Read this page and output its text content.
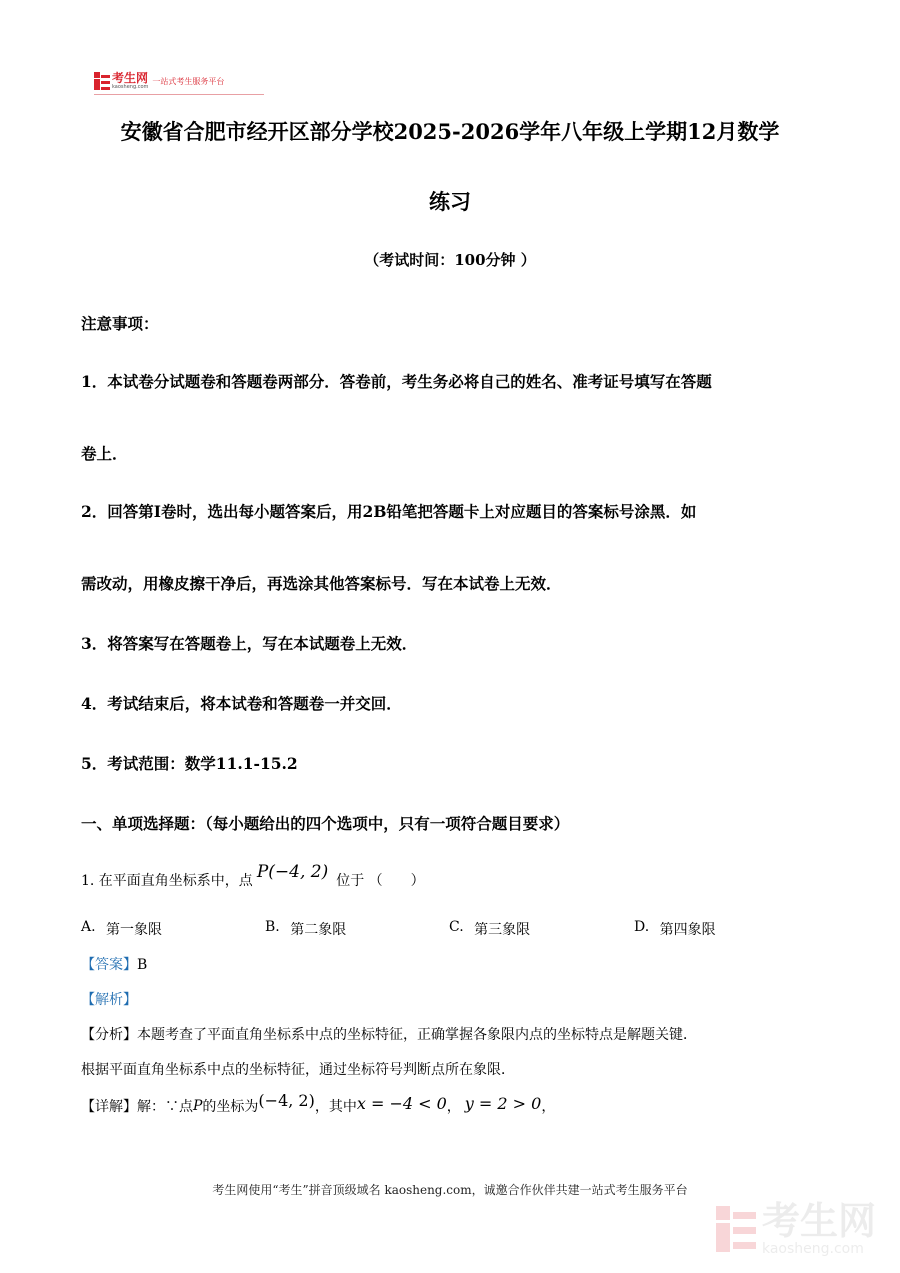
考生网
kaosheng.com
一站式考生服务平台
安徽省合肥市经开区部分学校2025-2026学年八年级上学期12月数学
练习
（考试时间：100分钟 ）
注意事项：
1．本试卷分试题卷和答题卷两部分．答卷前，考生务必将自己的姓名、准考证号填写在答题
卷上．
2．回答第Ⅰ卷时，选出每小题答案后，用2B铅笔把答题卡上对应题目的答案标号涂黑．如
需改动，用橡皮擦干净后，再选涂其他答案标号．写在本试卷上无效．
3．将答案写在答题卷上，写在本试题卷上无效．
4．考试结束后，将本试卷和答题卷一并交回．
5．考试范围：数学11.1-15.2
一、单项选择题：（每小题给出的四个选项中，只有一项符合题目要求）
1. 在平面直角坐标系中，点 P(−4, 2) 位于 （　　）
A. 第一象限	B. 第二象限	C. 第三象限	D. 第四象限
【答案】B
【解析】
【分析】本题考查了平面直角坐标系中点的坐标特征，正确掌握各象限内点的坐标特点是解题关键．
根据平面直角坐标系中点的坐标特征，通过坐标符号判断点所在象限．
【详解】解：∵点 P 的坐标为 (−4, 2) ，其中 x = −4 < 0 ， y = 2 > 0 ，
考生网使用“考生”拼音顶级域名 kaosheng.com，诚邀合作伙伴共建一站式考生服务平台
考生网
kaosheng.com
